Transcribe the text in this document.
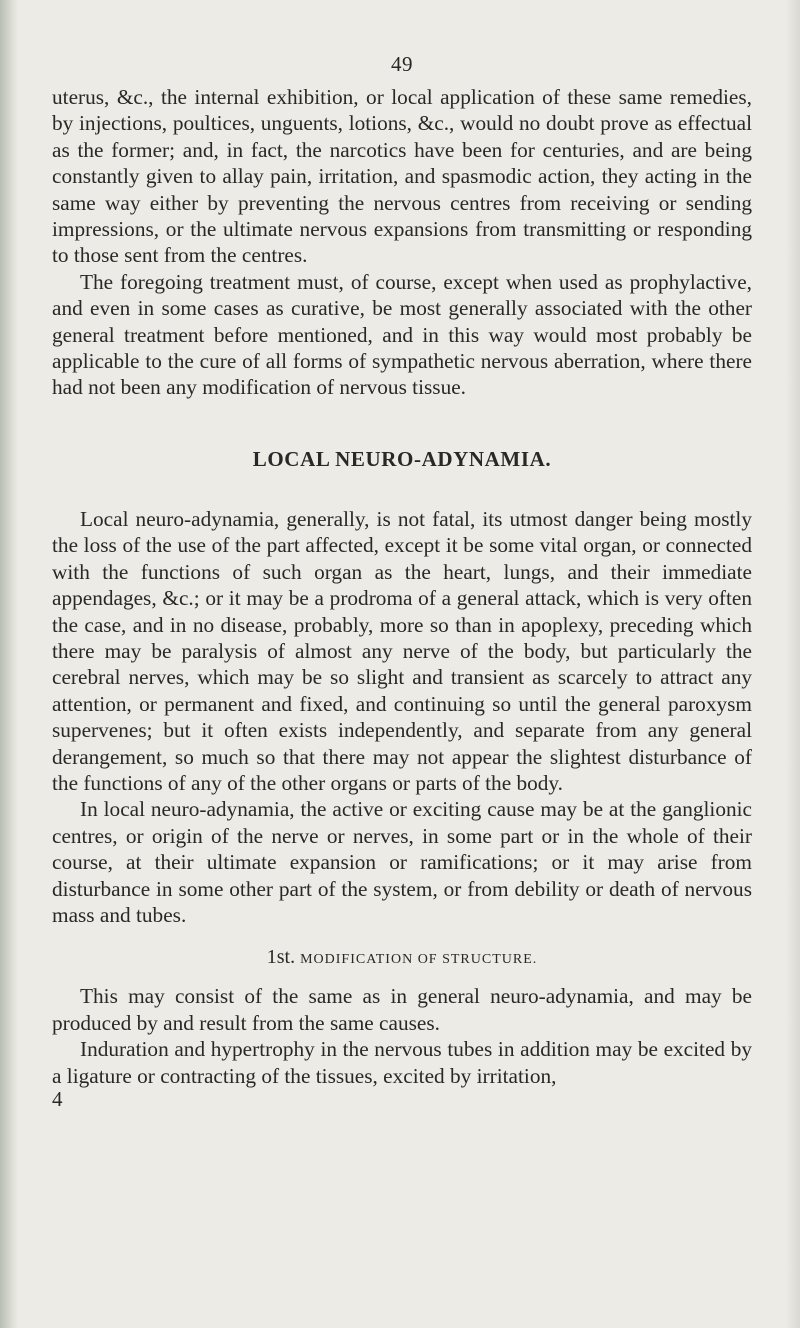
49

uterus, &c., the internal exhibition, or local application of these same remedies, by injections, poultices, unguents, lotions, &c., would no doubt prove as effectual as the former; and, in fact, the narcotics have been for centuries, and are being constantly given to allay pain, irritation, and spasmodic action, they acting in the same way either by preventing the nervous centres from receiving or sending impressions, or the ultimate nervous expansions from transmitting or responding to those sent from the centres.

The foregoing treatment must, of course, except when used as prophylactive, and even in some cases as curative, be most generally associated with the other general treatment before mentioned, and in this way would most probably be applicable to the cure of all forms of sympathetic nervous aberration, where there had not been any modification of nervous tissue.

LOCAL NEURO-ADYNAMIA.

Local neuro-adynamia, generally, is not fatal, its utmost danger being mostly the loss of the use of the part affected, except it be some vital organ, or connected with the functions of such organ as the heart, lungs, and their immediate appendages, &c.; or it may be a prodroma of a general attack, which is very often the case, and in no disease, probably, more so than in apoplexy, preceding which there may be paralysis of almost any nerve of the body, but particularly the cerebral nerves, which may be so slight and transient as scarcely to attract any attention, or permanent and fixed, and continuing so until the general paroxysm supervenes; but it often exists independently, and separate from any general derangement, so much so that there may not appear the slightest disturbance of the functions of any of the other organs or parts of the body.

In local neuro-adynamia, the active or exciting cause may be at the ganglionic centres, or origin of the nerve or nerves, in some part or in the whole of their course, at their ultimate expansion or ramifications; or it may arise from disturbance in some other part of the system, or from debility or death of nervous mass and tubes.

1st. MODIFICATION OF STRUCTURE.

This may consist of the same as in general neuro-adynamia, and may be produced by and result from the same causes.

Induration and hypertrophy in the nervous tubes in addition may be excited by a ligature or contracting of the tissues, excited by irritation,

4
